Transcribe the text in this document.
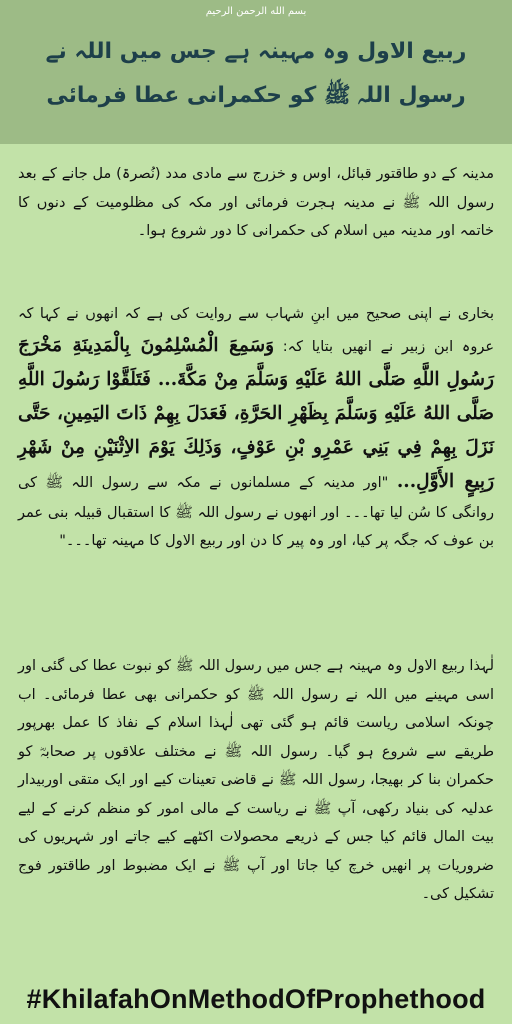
بسم الله الرحمن الرحیم
ربیع الاول وہ مہینہ ہے جس میں اللہ نے
رسول اللہ ﷺ کو حکمرانی عطا فرمائی

مدینہ کے دو طاقتور قبائل، اوس و خزرج سے مادی مدد (نُصرۃ) مل جانے کے بعد رسول اللہ ﷺ نے مدینہ ہجرت فرمائی اور مکہ کی مظلومیت کے دنوں کا خاتمہ اور مدینہ میں اسلام کی حکمرانی کا دور شروع ہوا۔

بخاری نے اپنی صحیح میں ابنِ شہاب سے روایت کی ہے کہ انھوں نے کہا کہ عروہ ابن زبیر نے انھیں بتایا کہ: وَسَمِعَ الْمُسْلِمُونَ بِالْمَدِينَةِ مَخْرَجَ رَسُولِ اللَّهِ صَلَّى اللهُ عَلَيْهِ وَسَلَّمَ مِنْ مَكَّةَ... فَتَلَقَّوْا رَسُولَ اللَّهِ صَلَّى اللهُ عَلَيْهِ وَسَلَّمَ بِظَهْرِ الحَرَّةِ، فَعَدَلَ بِهِمْ ذَاتَ اليَمِينِ، حَتَّى نَزَلَ بِهِمْ فِي بَنِي عَمْرِو بْنِ عَوْفٍ، وَذَلِكَ يَوْمَ الاِثْنَيْنِ مِنْ شَهْرِ رَبِيعٍ الأَوَّلِ... "اور مدینہ کے مسلمانوں نے مکہ سے رسول اللہ ﷺ کی روانگی کا سُن لیا تھا۔۔۔ اور انھوں نے رسول اللہ ﷺ کا استقبال قبیلہ بنی عمر بن عوف کہ جگہ پر کیا، اور وہ پیر کا دن اور ربیع الاول کا مہینہ تھا۔۔۔"

لٰہذا ربیع الاول وہ مہینہ ہے جس میں رسول اللہ ﷺ کو نبوت عطا کی گئی اور اسی مہینے میں اللہ نے رسول اللہ ﷺ کو حکمرانی بھی عطا فرمائی۔ اب چونکہ اسلامی ریاست قائم ہو گئی تھی لٰہذا اسلام کے نفاذ کا عمل بھرپور طریقے سے شروع ہو گیا۔ رسول اللہ ﷺ نے مختلف علاقوں پر صحابہؓ کو حکمران بنا کر بھیجا، رسول اللہ ﷺ نے قاضی تعینات کیے اور ایک متقی اوربیدار عدلیہ کی بنیاد رکھی، آپ ﷺ نے ریاست کے مالی امور کو منظم کرنے کے لیے بیت المال قائم کیا جس کے ذریعے محصولات اکٹھے کیے جاتے اور شہریوں کی ضروریات پر انھیں خرچ کیا جاتا اور آپ ﷺ نے ایک مضبوط اور طاقتور فوج تشکیل کی۔

#KhilafahOnMethodOfProphethood
